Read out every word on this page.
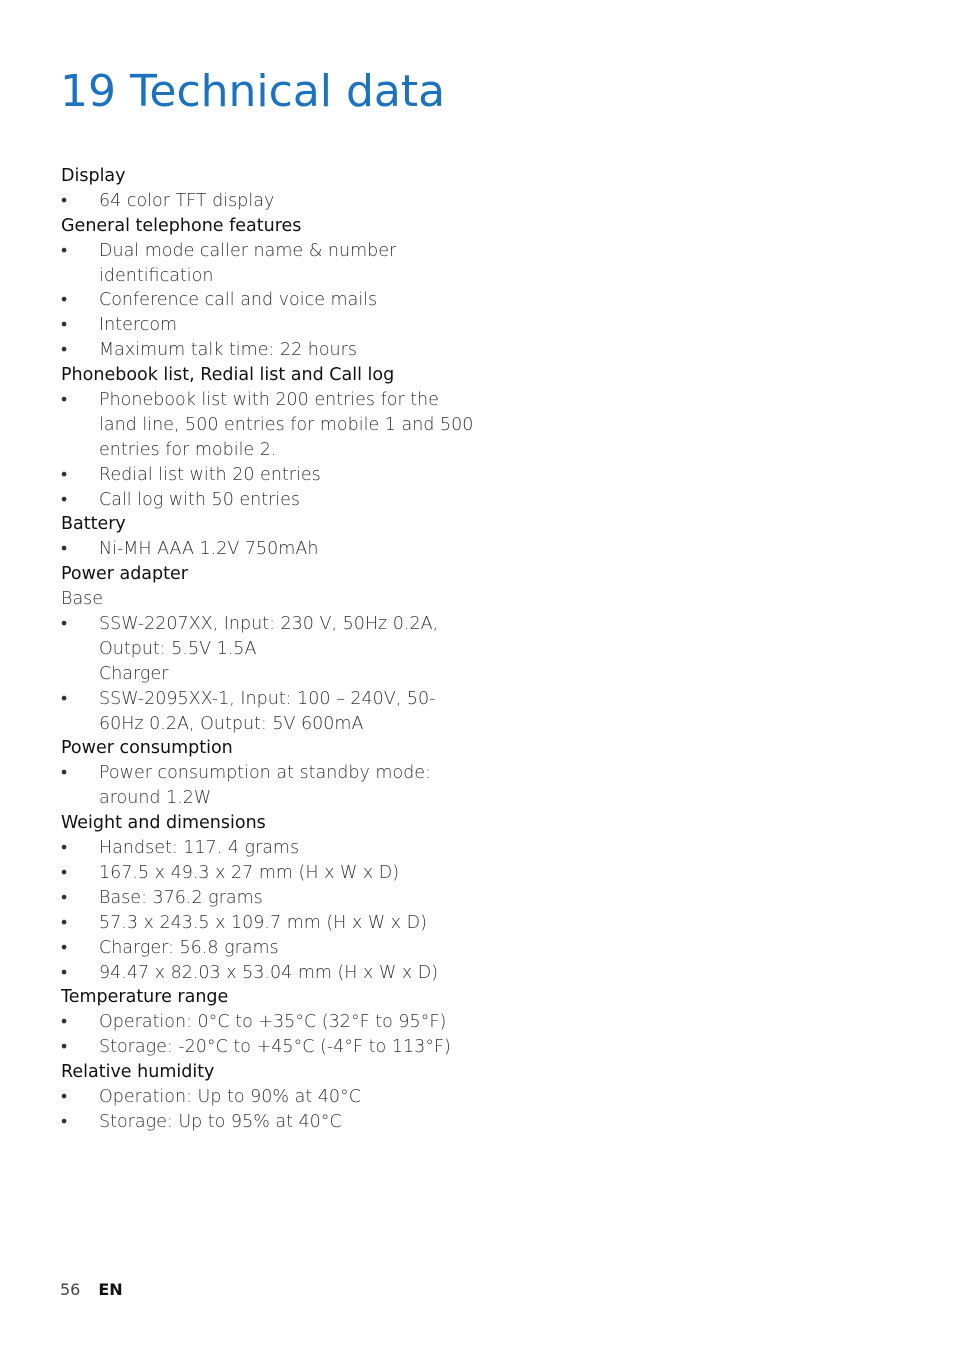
19 Technical data
Display
•	64 color TFT display
General telephone features
•	Dual mode caller name & number
identification
•	Conference call and voice mails
•	Intercom
•	Maximum talk time: 22 hours
Phonebook list, Redial list and Call log
•	Phonebook list with 200 entries for the
land line, 500 entries for mobile 1 and 500
entries for mobile 2.
•	Redial list with 20 entries
•	Call log with 50 entries
Battery
•	Ni-MH AAA 1.2V 750mAh
Power adapter
Base
•	SSW-2207XX, Input: 230 V, 50Hz 0.2A,
Output: 5.5V 1.5A
Charger
•	SSW-2095XX-1, Input: 100 – 240V, 50-
60Hz 0.2A, Output: 5V 600mA
Power consumption
•	Power consumption at standby mode:
around 1.2W
Weight and dimensions
•	Handset: 117. 4 grams
•	167.5 x 49.3 x 27 mm (H x W x D)
•	Base: 376.2 grams
•	57.3 x 243.5 x 109.7 mm (H x W x D)
•	Charger: 56.8 grams
•	94.47 x 82.03 x 53.04 mm (H x W x D)
Temperature range
•	Operation: 0°C to +35°C (32°F to 95°F)
•	Storage: -20°C to +45°C (-4°F to 113°F)
Relative humidity
•	Operation: Up to 90% at 40°C
•	Storage: Up to 95% at 40°C
56 EN
